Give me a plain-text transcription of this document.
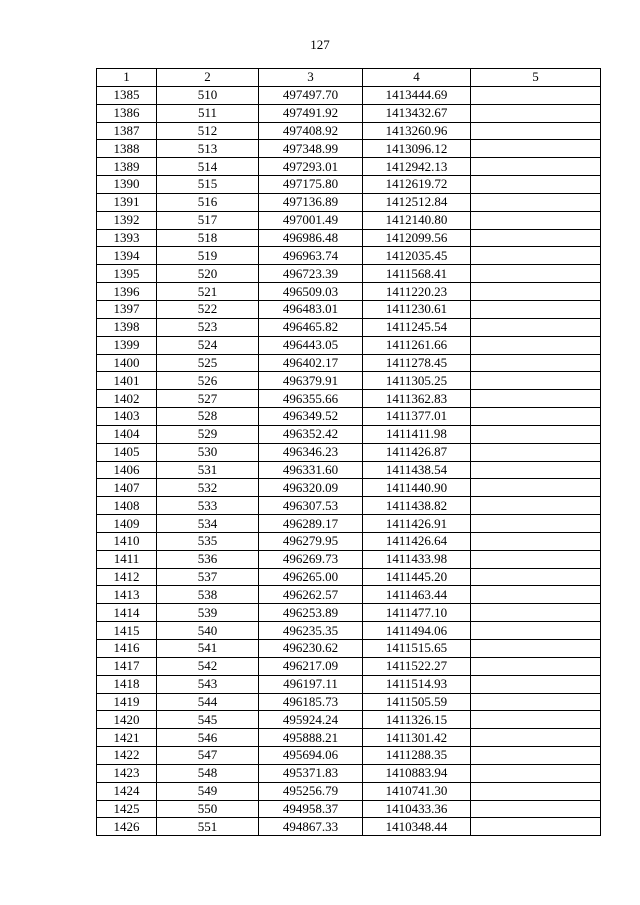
127
1	2	3	4	5
1385	510	497497.70	1413444.69	
1386	511	497491.92	1413432.67	
1387	512	497408.92	1413260.96	
1388	513	497348.99	1413096.12	
1389	514	497293.01	1412942.13	
1390	515	497175.80	1412619.72	
1391	516	497136.89	1412512.84	
1392	517	497001.49	1412140.80	
1393	518	496986.48	1412099.56	
1394	519	496963.74	1412035.45	
1395	520	496723.39	1411568.41	
1396	521	496509.03	1411220.23	
1397	522	496483.01	1411230.61	
1398	523	496465.82	1411245.54	
1399	524	496443.05	1411261.66	
1400	525	496402.17	1411278.45	
1401	526	496379.91	1411305.25	
1402	527	496355.66	1411362.83	
1403	528	496349.52	1411377.01	
1404	529	496352.42	1411411.98	
1405	530	496346.23	1411426.87	
1406	531	496331.60	1411438.54	
1407	532	496320.09	1411440.90	
1408	533	496307.53	1411438.82	
1409	534	496289.17	1411426.91	
1410	535	496279.95	1411426.64	
1411	536	496269.73	1411433.98	
1412	537	496265.00	1411445.20	
1413	538	496262.57	1411463.44	
1414	539	496253.89	1411477.10	
1415	540	496235.35	1411494.06	
1416	541	496230.62	1411515.65	
1417	542	496217.09	1411522.27	
1418	543	496197.11	1411514.93	
1419	544	496185.73	1411505.59	
1420	545	495924.24	1411326.15	
1421	546	495888.21	1411301.42	
1422	547	495694.06	1411288.35	
1423	548	495371.83	1410883.94	
1424	549	495256.79	1410741.30	
1425	550	494958.37	1410433.36	
1426	551	494867.33	1410348.44	
